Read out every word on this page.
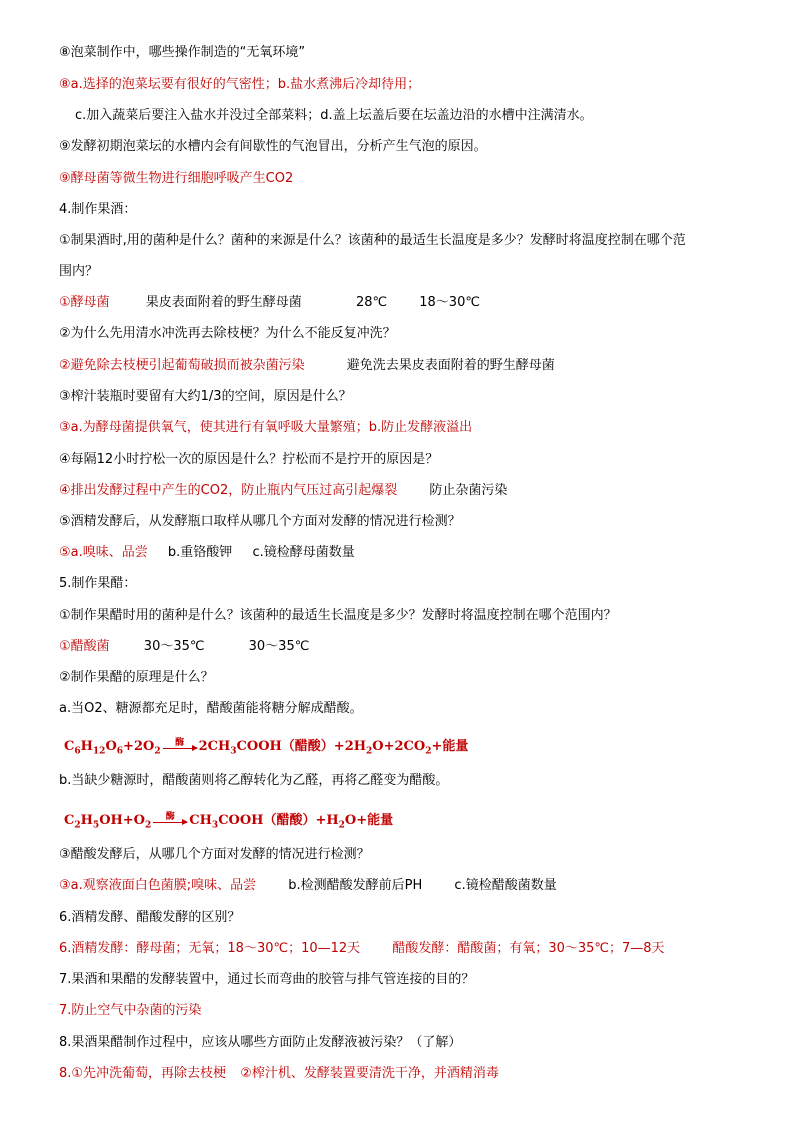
⑧泡菜制作中，哪些操作制造的“无氧环境”
⑧a.选择的泡菜坛要有很好的气密性；b.盐水煮沸后冷却待用；
c.加入蔬菜后要注入盐水并没过全部菜料；d.盖上坛盖后要在坛盖边沿的水槽中注满清水。
⑨发酵初期泡菜坛的水槽内会有间歇性的气泡冒出，分析产生气泡的原因。
⑨酵母菌等微生物进行细胞呼吸产生CO2
4.制作果酒：
①制果酒时,用的菌种是什么？菌种的来源是什么？该菌种的最适生长温度是多少？发酵时将温度控制在哪个范
围内？
①酵母菌	果皮表面附着的野生酵母菌	28℃ 18～30℃
②为什么先用清水冲洗再去除枝梗？为什么不能反复冲洗？
②避免除去枝梗引起葡萄破损而被杂菌污染	避免洗去果皮表面附着的野生酵母菌
③榨汁装瓶时要留有大约1/3的空间，原因是什么？
③a.为酵母菌提供氧气，使其进行有氧呼吸大量繁殖；b.防止发酵液溢出
④每隔12小时拧松一次的原因是什么？拧松而不是拧开的原因是？
④排出发酵过程中产生的CO2，防止瓶内气压过高引起爆裂 防止杂菌污染
⑤酒精发酵后，从发酵瓶口取样从哪几个方面对发酵的情况进行检测？
⑤a.嗅味、品尝 b.重铬酸钾 c.镜检酵母菌数量
5.制作果醋：
①制作果醋时用的菌种是什么？该菌种的最适生长温度是多少？发酵时将温度控制在哪个范围内？
①醋酸菌	30～35℃	30～35℃
②制作果醋的原理是什么？
a.当O2、糖源都充足时，醋酸菌能将糖分解成醋酸。
$C_6H_{12}O_6+2O_2$
酶	$2CH_3COOH$（醋酸）$+2H_2O+2CO_2+$能量
b.当缺少糖源时，醋酸菌则将乙醇转化为乙醛，再将乙醛变为醋酸。
$C_2H_5OH+O_2$
酶	$CH_3COOH$（醋酸）$+H_2O+$能量
③醋酸发酵后，从哪几个方面对发酵的情况进行检测？
③a.观察液面白色菌膜;嗅味、品尝 b.检测醋酸发酵前后PH c.镜检醋酸菌数量
6.酒精发酵、醋酸发酵的区别？
6.酒精发酵：酵母菌；无氧；18～30℃；10—12天 醋酸发酵：醋酸菌；有氧；30～35℃；7—8天
7.果酒和果醋的发酵装置中，通过长而弯曲的胶管与排气管连接的目的？
7.防止空气中杂菌的污染
8.果酒果醋制作过程中，应该从哪些方面防止发酵液被污染？（了解）
8.①先冲洗葡萄，再除去枝梗 ②榨汁机、发酵装置要清洗干净，并酒精消毒
